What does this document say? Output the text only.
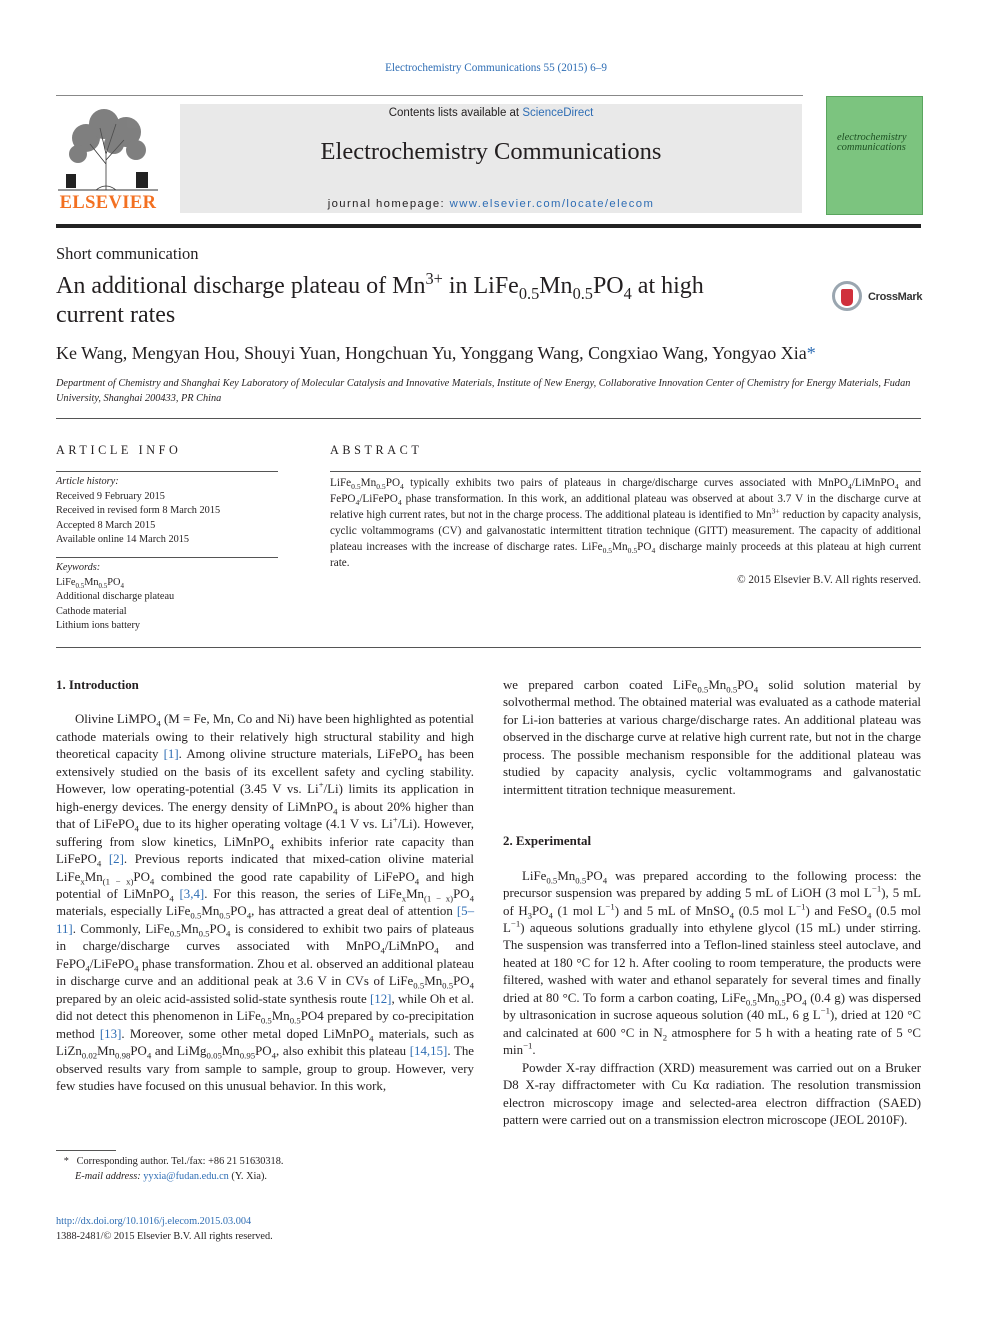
Electrochemistry Communications 55 (2015) 6–9
ELSEVIER
Contents lists available at ScienceDirect
Electrochemistry Communications
journal homepage: www.elsevier.com/locate/elecom
electrochemistry communications
Short communication
An additional discharge plateau of $Mn^{3+}$ in $LiFe_{0.5}Mn_{0.5}PO_4$ at high current rates
CrossMark
Ke Wang, Mengyan Hou, Shouyi Yuan, Hongchuan Yu, Yonggang Wang, Congxiao Wang, Yongyao Xia*
Department of Chemistry and Shanghai Key Laboratory of Molecular Catalysis and Innovative Materials, Institute of New Energy, Collaborative Innovation Center of Chemistry for Energy Materials, Fudan University, Shanghai 200433, PR China
ARTICLE INFO	ABSTRACT
Article history:
Received 9 February 2015
Received in revised form 8 March 2015
Accepted 8 March 2015
Available online 14 March 2015
Keywords:
$LiFe_{0.5}Mn_{0.5}PO_4$
Additional discharge plateau
Cathode material
Lithium ions battery
$LiFe_{0.5}Mn_{0.5}PO_4$ typically exhibits two pairs of plateaus in charge/discharge curves associated with MnPO$_4$/LiMnPO$_4$ and FePO$_4$/LiFePO$_4$ phase transformation. In this work, an additional plateau was observed at about 3.7 V in the discharge curve at relative high current rates, but not in the charge process. The additional plateau is identified to $Mn^{3+}$ reduction by capacity analysis, cyclic voltammograms (CV) and galvanostatic intermittent titration technique (GITT) measurement. The capacity of additional plateau increases with the increase of discharge rates. $LiFe_{0.5}Mn_{0.5}PO_4$ discharge mainly proceeds at this plateau at high current rate.
© 2015 Elsevier B.V. All rights reserved.
1. Introduction

Olivine LiMPO$_4$ (M = Fe, Mn, Co and Ni) have been highlighted as potential cathode materials owing to their relatively high structural stability and high theoretical capacity [1]. Among olivine structure materials, LiFePO$_4$ has been extensively studied on the basis of its excellent safety and cycling stability. However, low operating-potential (3.45 V vs. Li+/Li) limits its application in high-energy devices. The energy density of LiMnPO$_4$ is about 20% higher than that of LiFePO$_4$ due to its higher operating voltage (4.1 V vs. Li+/Li). However, suffering from slow kinetics, LiMnPO$_4$ exhibits inferior rate capacity than LiFePO$_4$ [2]. Previous reports indicated that mixed-cation olivine material $LiFe_xMn_{(1 - x)}PO_4$ combined the good rate capability of LiFePO$_4$ and high potential of LiMnPO$_4$ [3,4]. For this reason, the series of $LiFe_xMn_{(1 - x)}PO_4$ materials, especially $LiFe_{0.5}Mn_{0.5}PO_4$, has attracted a great deal of attention [5–11]. Commonly, $LiFe_{0.5}Mn_{0.5}PO_4$ is considered to exhibit two pairs of plateaus in charge/discharge curves associated with MnPO$_4$/LiMnPO$_4$ and FePO$_4$/LiFePO$_4$ phase transformation. Zhou et al. observed an additional plateau in discharge curve and an additional peak at 3.6 V in CVs of $LiFe_{0.5}Mn_{0.5}PO_4$ prepared by an oleic acid-assisted solid-state synthesis route [12], while Oh et al. did not detect this phenomenon in $LiFe_{0.5}Mn_{0.5}PO4$ prepared by co-precipitation method [13]. Moreover, some other metal doped LiMnPO$_4$ materials, such as $LiZn_{0.02}Mn_{0.98}PO_4$ and $LiMg_{0.05}Mn_{0.95}PO_4$, also exhibit this plateau [14,15]. The observed results vary from sample to sample, group to group. However, very few studies have focused on this unusual behavior. In this work,

* Corresponding author. Tel./fax: +86 21 51630318.
E-mail address: yyxia@fudan.edu.cn (Y. Xia).
http://dx.doi.org/10.1016/j.elecom.2015.03.004
1388-2481/© 2015 Elsevier B.V. All rights reserved.

we prepared carbon coated $LiFe_{0.5}Mn_{0.5}PO_4$ solid solution material by solvothermal method. The obtained material was evaluated as a cathode material for Li-ion batteries at various charge/discharge rates. An additional plateau was observed in the discharge curve at relative high current rate, but not in the charge process. The possible mechanism responsible for the additional plateau was studied by capacity analysis, cyclic voltammograms and galvanostatic intermittent titration technique measurement.

2. Experimental

$LiFe_{0.5}Mn_{0.5}PO_4$ was prepared according to the following process: the precursor suspension was prepared by adding 5 mL of LiOH (3 mol $L^{-1}$), 5 mL of $H_3PO_4$ (1 mol $L^{-1}$) and 5 mL of MnSO$_4$ (0.5 mol $L^{-1}$) and FeSO$_4$ (0.5 mol $L^{-1}$) aqueous solutions gradually into ethylene glycol (15 mL) under stirring. The suspension was transferred into a Teflon-lined stainless steel autoclave, and heated at 180 °C for 12 h. After cooling to room temperature, the products were filtered, washed with water and ethanol separately for several times and finally dried at 80 °C. To form a carbon coating, $LiFe_{0.5}Mn_{0.5}PO_4$ (0.4 g) was dispersed by ultrasonication in sucrose aqueous solution (40 mL, 6 g $L^{-1}$), dried at 120 °C and calcinated at 600 °C in $N_2$ atmosphere for 5 h with a heating rate of 5 °C $\min^{-1}$.

Powder X-ray diffraction (XRD) measurement was carried out on a Bruker D8 X-ray diffractometer with Cu Kα radiation. The resolution transmission electron microscopy image and selected-area electron diffraction (SAED) pattern were carried out on a transmission electron microscope (JEOL 2010F).
